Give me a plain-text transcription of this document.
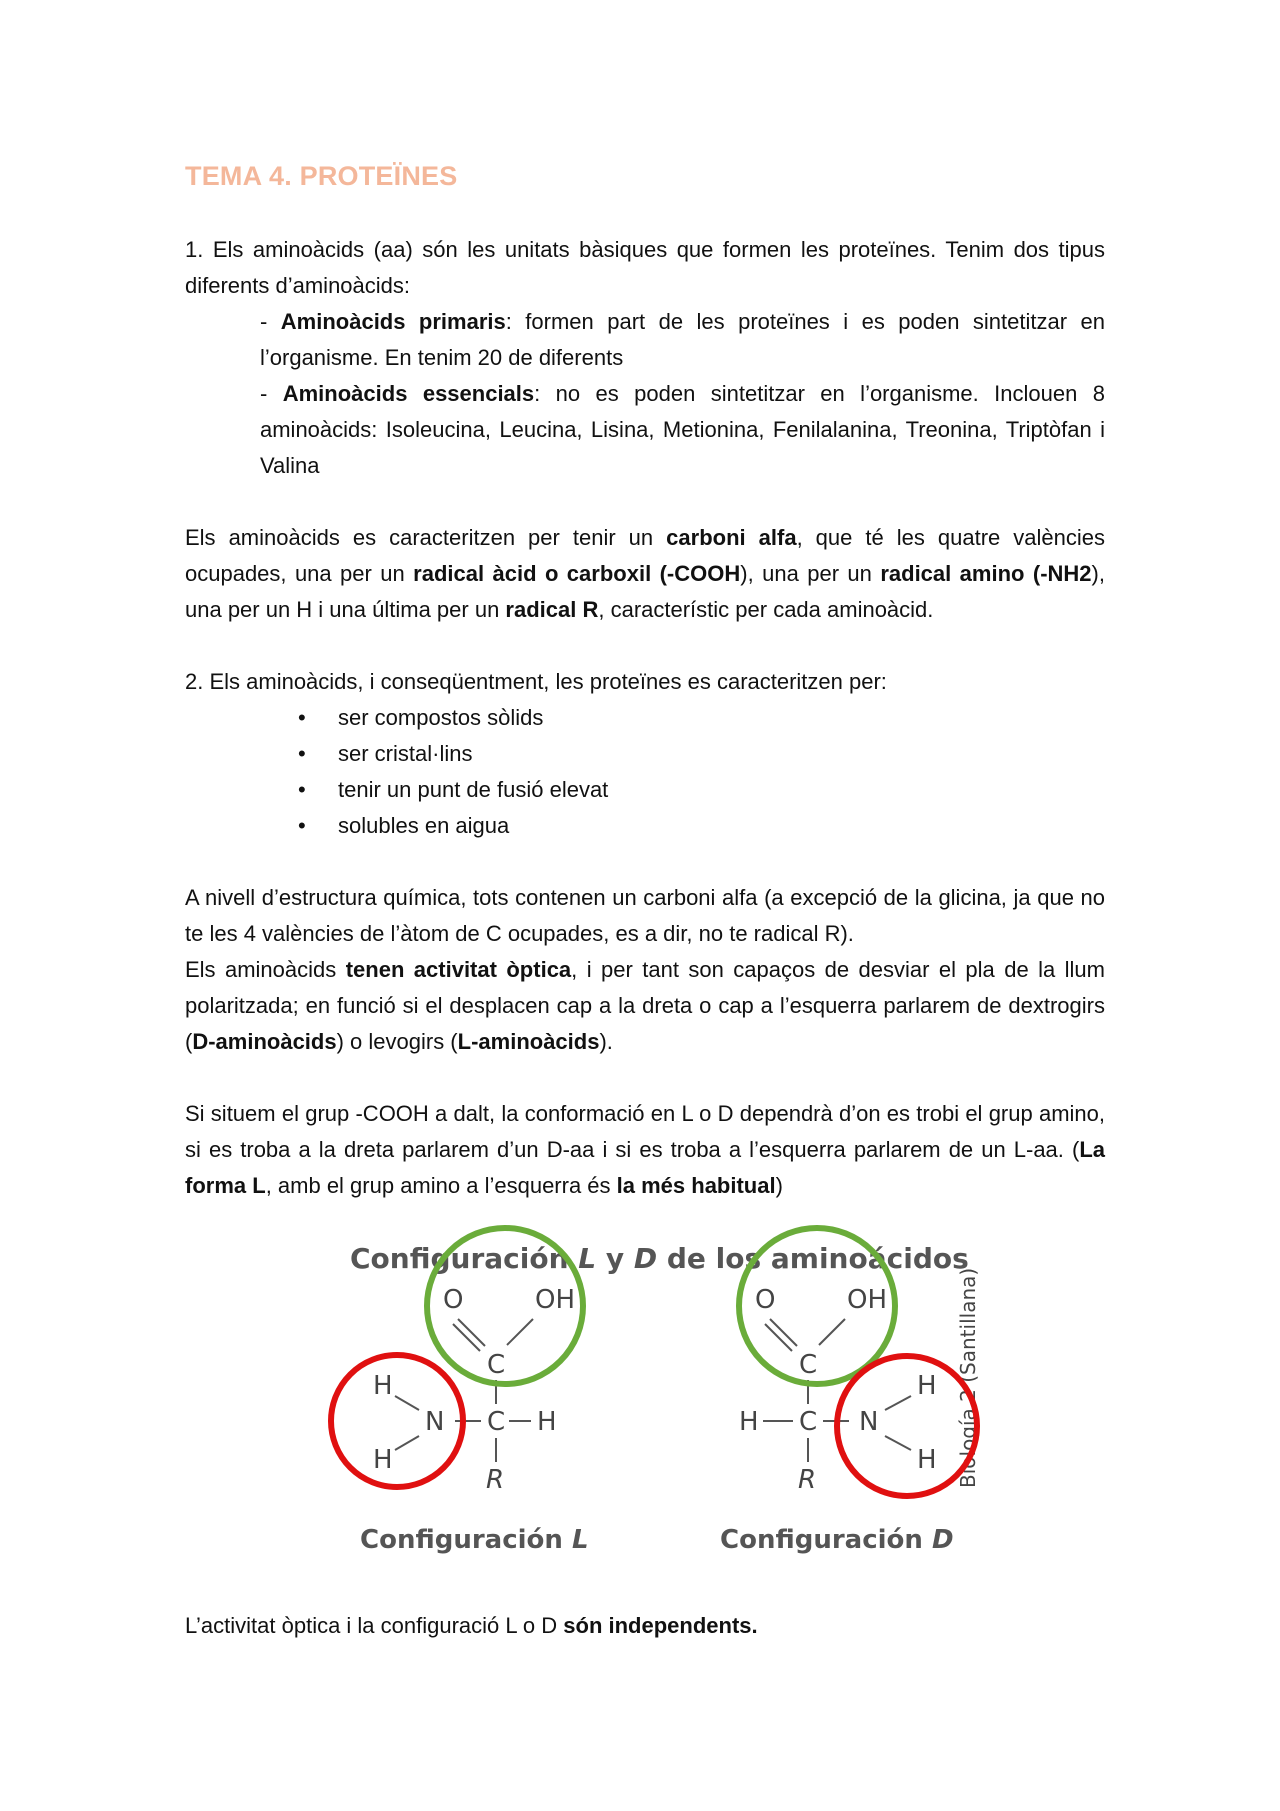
TEMA 4. PROTEÏNES

1. Els aminoàcids (aa) són les unitats bàsiques que formen les proteïnes. Tenim dos tipus diferents d’aminoàcids:

- Aminoàcids primaris: formen part de les proteïnes i es poden sintetitzar en l’organisme. En tenim 20 de diferents

- Aminoàcids essencials: no es poden sintetitzar en l’organisme. Inclouen 8 aminoàcids: Isoleucina, Leucina, Lisina, Metionina, Fenilalanina, Treonina, Triptòfan i Valina

Els aminoàcids es caracteritzen per tenir un carboni alfa, que té les quatre valències ocupades, una per un radical àcid o carboxil (-COOH), una per un radical amino (-NH2), una per un H i una última per un radical R, característic per cada aminoàcid.

2. Els aminoàcids, i conseqüentment, les proteïnes es caracteritzen per:

• ser compostos sòlids
• ser cristal·lins
• tenir un punt de fusió elevat
• solubles en aigua

A nivell d’estructura química, tots contenen un carboni alfa (a excepció de la glicina, ja que no te les 4 valències de l’àtom de C ocupades, es a dir, no te radical R).

Els aminoàcids tenen activitat òptica, i per tant son capaços de desviar el pla de la llum polaritzada; en funció si el desplacen cap a la dreta o cap a l’esquerra parlarem de dextrogirs (D-aminoàcids) o levogirs (L-aminoàcids).

Si situem el grup -COOH a dalt, la conformació en L o D dependrà d’on es trobi el grup amino, si es troba a la dreta parlarem d’un D-aa i si es troba a l’esquerra parlarem de un L-aa. (La forma L, amb el grup amino a l’esquerra és la més habitual)

Configuración L y D de los aminoácidos
Biología 2 (Santillana)
O	OH
C
C H
R
N
H
H
Configuración L
O	OH
C
C
H
R
N
H
H
Configuración D

L’activitat òptica i la configuració L o D són independents.
